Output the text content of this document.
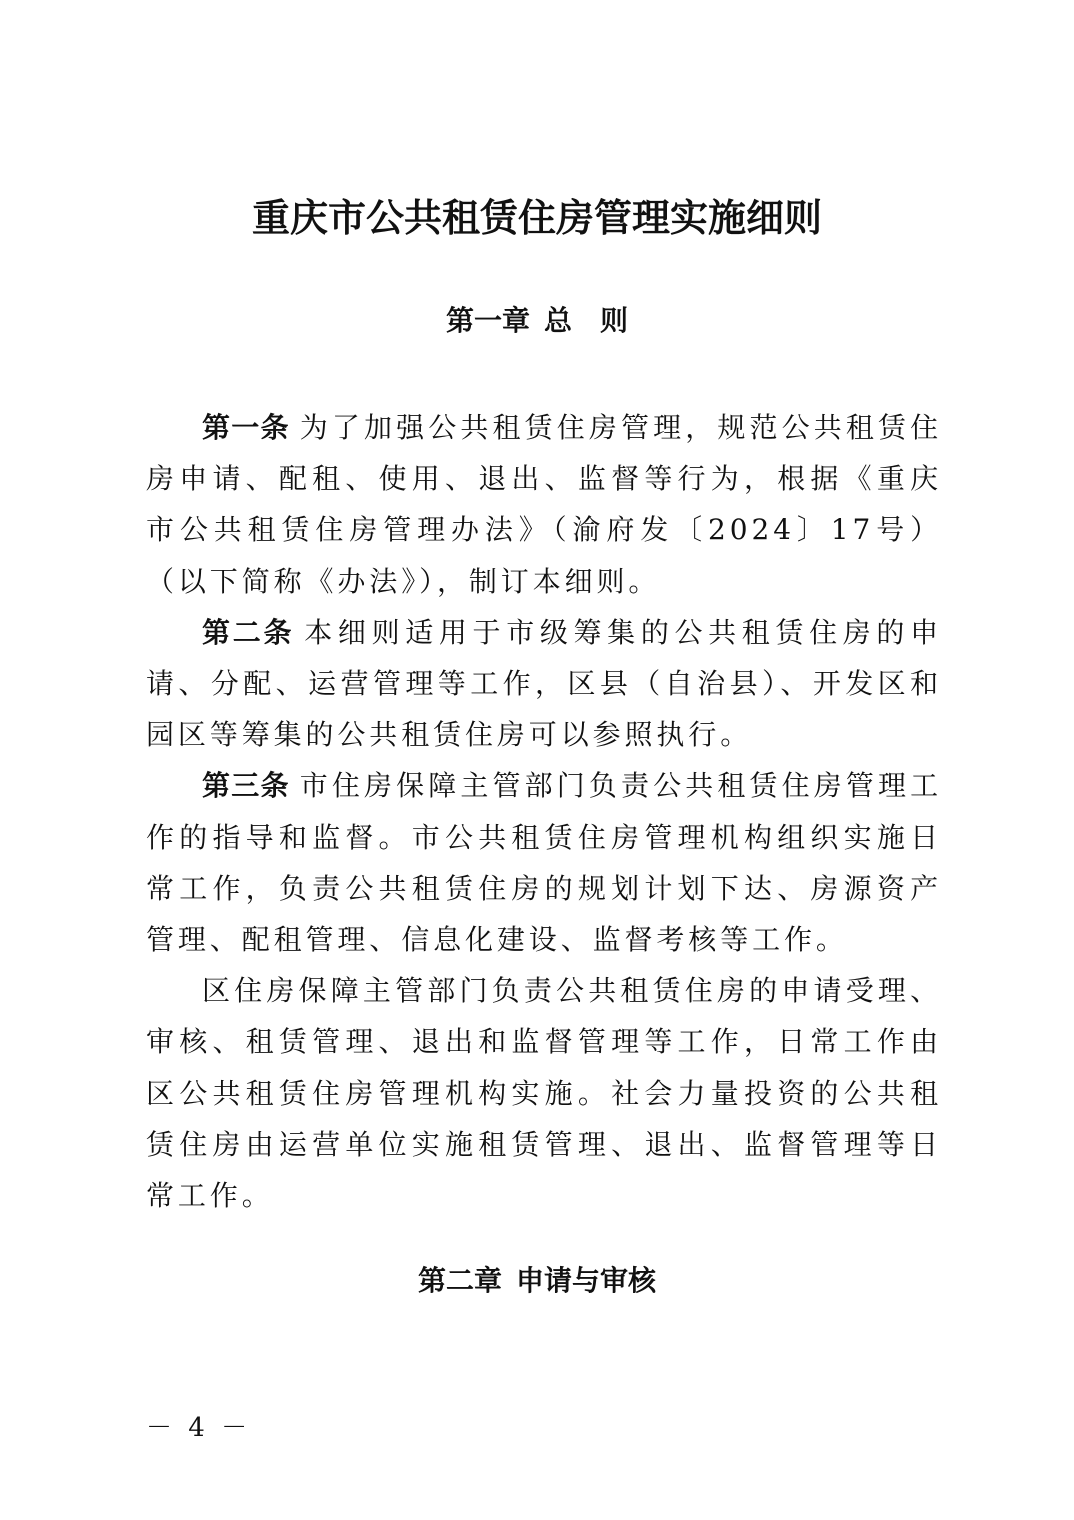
重庆市公共租赁住房管理实施细则
第一章 总　则

第一条 为了加强公共租赁住房管理，规范公共租赁住房申请、配租、使用、退出、监督等行为，根据《重庆市公共租赁住房管理办法》（渝府发〔2024〕17号）（以下简称《办法》），制订本细则。

第二条 本细则适用于市级筹集的公共租赁住房的申请、分配、运营管理等工作，区县（自治县）、开发区和园区等筹集的公共租赁住房可以参照执行。

第三条 市住房保障主管部门负责公共租赁住房管理工作的指导和监督。市公共租赁住房管理机构组织实施日常工作，负责公共租赁住房的规划计划下达、房源资产管理、配租管理、信息化建设、监督考核等工作。

区住房保障主管部门负责公共租赁住房的申请受理、审核、租赁管理、退出和监督管理等工作，日常工作由区公共租赁住房管理机构实施。社会力量投资的公共租赁住房由运营单位实施租赁管理、退出、监督管理等日常工作。

第二章 申请与审核
－ 4 －
